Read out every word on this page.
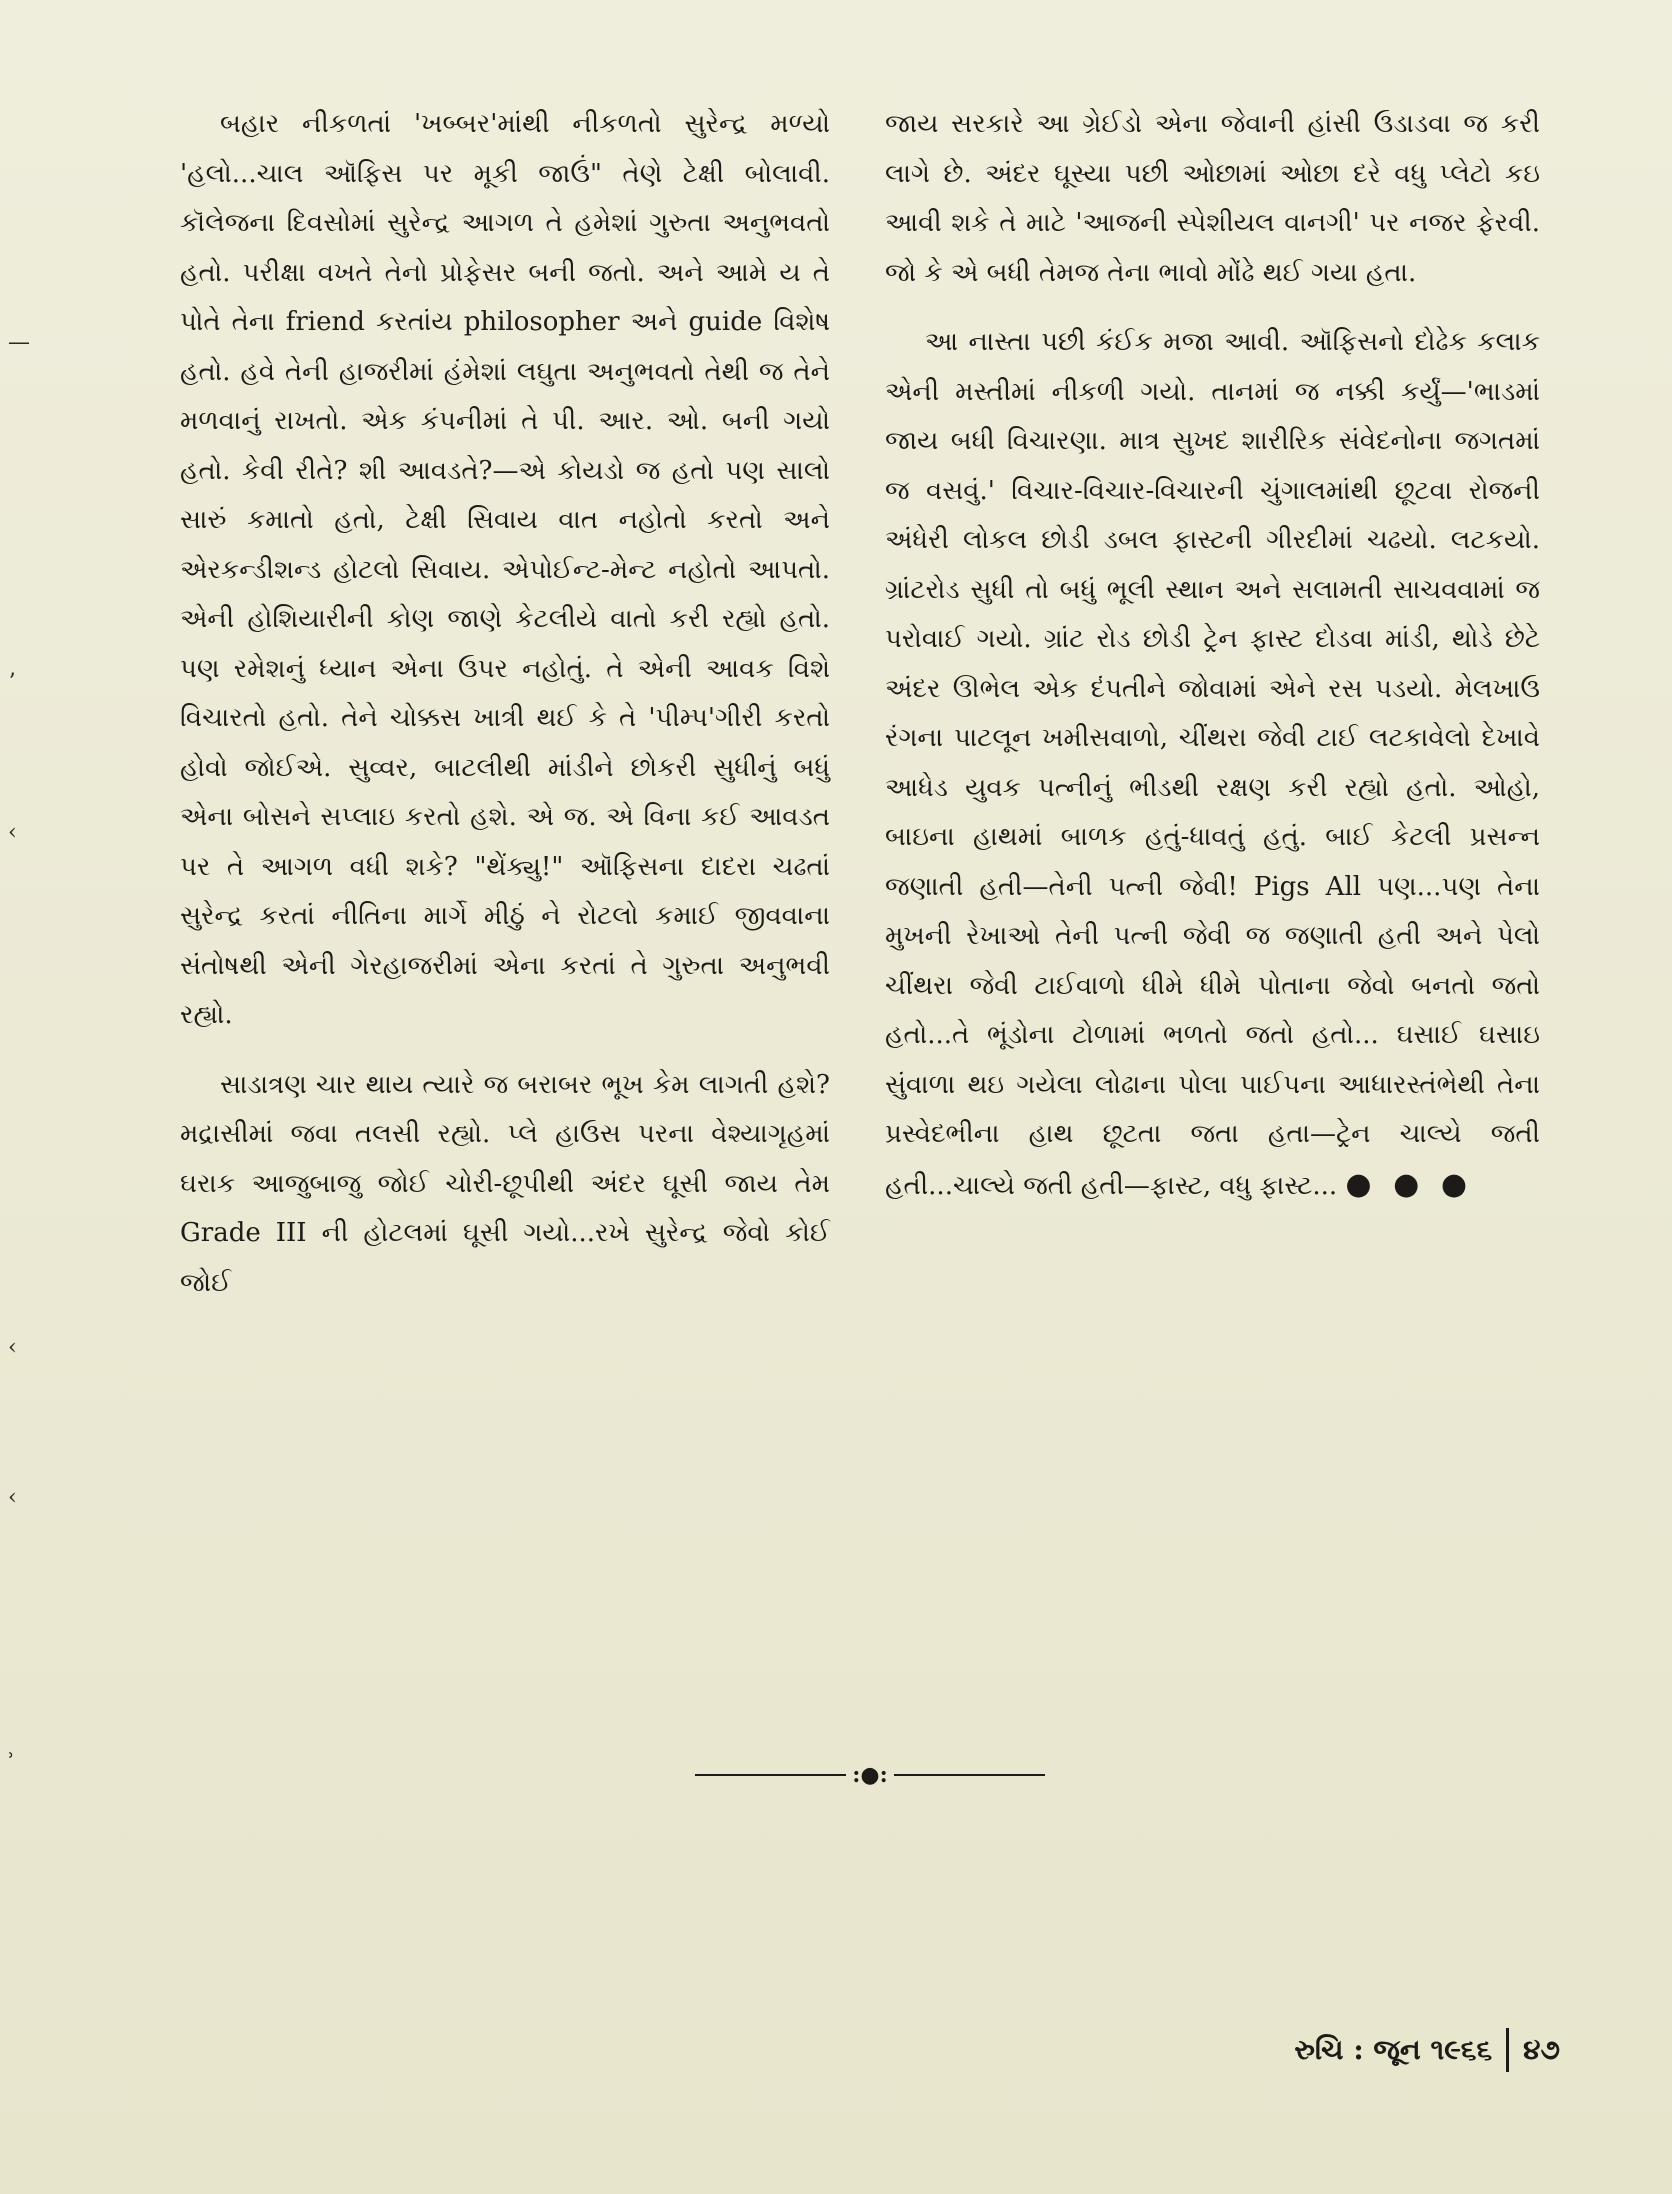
બહાર નીકળતાં 'ખબ્બર'માંથી નીકળતો સુરેન્દ્ર મળ્યો 'હલો...ચાલ ઑફિસ પર મૂકી જાઉં" તેણે ટેક્ષી બોલાવી. કૉલેજના દિવસોમાં સુરેન્દ્ર આગળ તે હમેશાં ગુરુતા અનુભવતો હતો. પરીક્ષા વખતે તેનો પ્રોફેસર બની જતો. અને આમે ય તે પોતે તેના friend કરતાંય philosopher અને guide વિશેષ હતો. હવે તેની હાજરીમાં હંમેશાં લઘુતા અનુભવતો તેથી જ તેને મળવાનું રાખતો. એક કંપનીમાં તે પી. આર. ઓ. બની ગયો હતો. કેવી રીતે? શી આવડતે?—એ કોયડો જ હતો પણ સાલો સારું કમાતો હતો, ટેક્ષી સિવાય વાત નહોતો કરતો અને એરકન્ડીશન્ડ હોટલો સિવાય. એપોઈન્ટ-મેન્ટ નહોતો આપતો. એની હોશિયારીની કોણ જાણે કેટલીયે વાતો કરી રહ્યો હતો. પણ રમેશનું ધ્યાન એના ઉપર નહોતું. તે એની આવક વિશે વિચારતો હતો. તેને ચોક્કસ ખાત્રી થઈ કે તે 'પીમ્પ'ગીરી કરતો હોવો જોઈએ. સુવ્વર, બાટલીથી માંડીને છોકરી સુધીનું બધું એના બોસને સપ્લાઇ કરતો હશે. એ જ. એ વિના કઈ આવડત પર તે આગળ વધી શકે? "થેંક્યુ!" ઑફિસના દાદરા ચઢતાં સુરેન્દ્ર કરતાં નીતિના માર્ગે મીઠું ને રોટલો કમાઈ જીવવાના સંતોષથી એની ગેરહાજરીમાં એના કરતાં તે ગુરુતા અનુભવી રહ્યો.

સાડાત્રણ ચાર થાય ત્યારે જ બરાબર ભૂખ કેમ લાગતી હશે? મદ્રાસીમાં જવા તલસી રહ્યો. પ્લે હાઉસ પરના વેશ્યાગૃહમાં ઘરાક આજુબાજુ જોઈ ચોરી-છૂપીથી અંદર ઘૂસી જાય તેમ Grade III ની હોટલમાં ઘૂસી ગયો...રખે સુરેન્દ્ર જેવો કોઈ જોઈ

જાય સરકારે આ ગ્રેઈડો એના જેવાની હાંસી ઉડાડવા જ કરી લાગે છે. અંદર ઘૂસ્યા પછી ઓછામાં ઓછા દરે વધુ પ્લેટો કઇ આવી શકે તે માટે 'આજની સ્પેશીયલ વાનગી' પર નજર ફેરવી. જો કે એ બધી તેમજ તેના ભાવો મોંઢે થઈ ગયા હતા.

આ નાસ્તા પછી કંઈક મજા આવી. ઑફિસનો દોઢેક કલાક એની મસ્તીમાં નીકળી ગયો. તાનમાં જ નક્કી કર્યું—'ભાડમાં જાય બધી વિચારણા. માત્ર સુખદ શારીરિક સંવેદનોના જગતમાં જ વસવું.' વિચાર-વિચાર-વિચારની ચુંગાલમાંથી છૂટવા રોજની અંધેરી લોકલ છોડી ડબલ ફાસ્ટની ગીરદીમાં ચઢયો. લટકયો. ગ્રાંટરોડ સુધી તો બધું ભૂલી સ્થાન અને સલામતી સાચવવામાં જ પરોવાઈ ગયો. ગ્રાંટ રોડ છોડી ટ્રેન ફાસ્ટ દોડવા માંડી, થોડે છેટે અંદર ઊભેલ એક દંપતીને જોવામાં એને રસ પડયો. મેલખાઉ રંગના પાટલૂન ખમીસવાળો, ચીંથરા જેવી ટાઈ લટકાવેલો દેખાવે આધેડ યુવક પત્નીનું ભીડથી રક્ષણ કરી રહ્યો હતો. ઓહો, બાઇના હાથમાં બાળક હતું-ધાવતું હતું. બાઈ કેટલી પ્રસન્ન જણાતી હતી—તેની પત્ની જેવી! Pigs All પણ...પણ તેના મુખની રેખાઓ તેની પત્ની જેવી જ જણાતી હતી અને પેલો ચીંથરા જેવી ટાઈવાળો ધીમે ધીમે પોતાના જેવો બનતો જતો હતો...તે ભૂંડોના ટોળામાં ભળતો જતો હતો... ઘસાઈ ઘસાઇ સુંવાળા થઇ ગયેલા લોઢાના પોલા પાઈપના આધારસ્તંભેથી તેના પ્રસ્વેદભીના હાથ છૂટતા જતા હતા—ટ્રેન ચાલ્યે જતી હતી...ચાલ્યે જતી હતી—ફાસ્ટ, વધુ ફાસ્ટ... ● ● ●

:●:
રુચિ : જૂન ૧૯૬૬ ૪૭
—
ʼ
‹
‹
‹
ʾ
